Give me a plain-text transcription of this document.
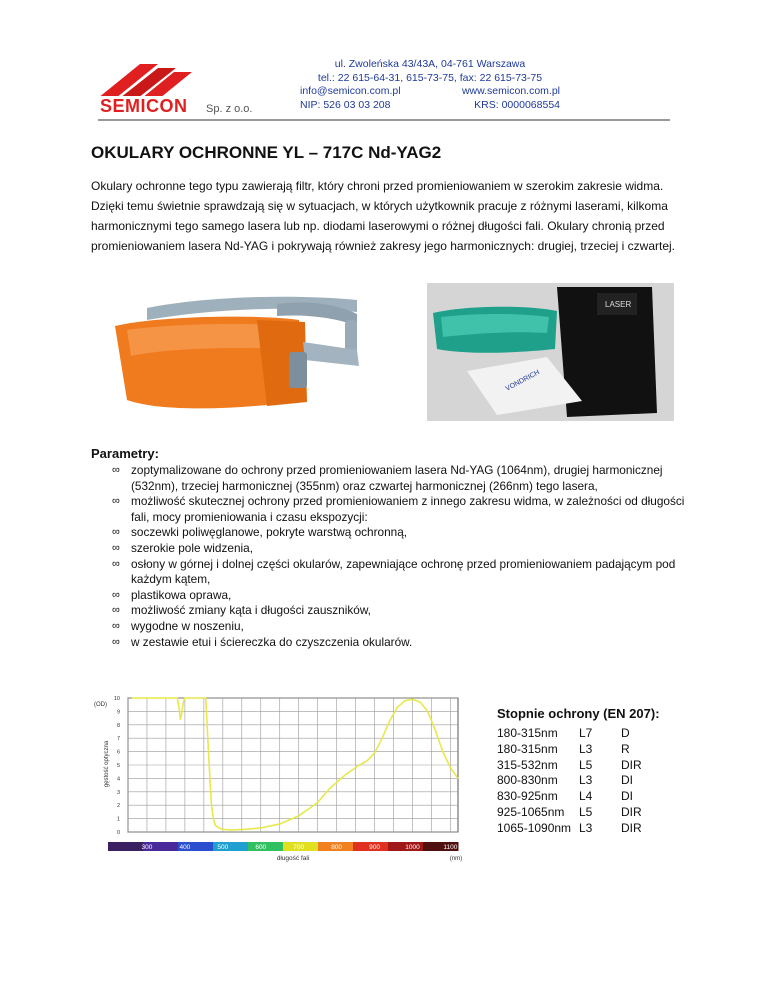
SEMICON Sp. z o.o.
ul. Zwoleńska 43/43A, 04-761 Warszawa
tel.: 22 615-64-31, 615-73-75, fax: 22 615-73-75
info@semicon.com.pl	www.semicon.com.pl
NIP: 526 03 03 208	KRS: 0000068554
OKULARY OCHRONNE YL – 717C Nd-YAG2
Okulary ochronne tego typu zawierają filtr, który chroni przed promieniowaniem w szerokim zakresie widma. Dzięki temu świetnie sprawdzają się w sytuacjach, w których użytkownik pracuje z różnymi laserami, kilkoma harmonicznymi tego samego lasera lub np. diodami laserowymi o różnej długości fali. Okulary chronią przed promieniowaniem lasera Nd-YAG i pokrywają również zakresy jego harmonicznych: drugiej, trzeciej i czwartej.
LASER
VONDRICH
Parametry:
∞ zoptymalizowane do ochrony przed promieniowaniem lasera Nd-YAG (1064nm), drugiej harmonicznej (532nm), trzeciej harmonicznej (355nm) oraz czwartej harmonicznej (266nm) tego lasera,
∞ możliwość skutecznej ochrony przed promieniowaniem z innego zakresu widma, w zależności od długości fali, mocy promieniowania i czasu ekspozycji:
∞ soczewki poliwęglanowe, pokryte warstwą ochronną,
∞ szerokie pole widzenia,
∞ osłony w górnej i dolnej części okularów, zapewniające ochronę przed promieniowaniem padającym pod każdym kątem,
∞ plastikowa oprawa,
∞ możliwość zmiany kąta i długości zauszników,
∞ wygodne w noszeniu,
∞ w zestawie etui i ściereczka do czyszczenia okularów.
0
1
2
3
4
5
6
7
8
9
10
300	400	500	600	700	800	900	1000	1100
(OD)
gęstość optyczna
długość fali	(nm)
Stopnie ochrony (EN 207):
180-315nm	L7	D
180-315nm	L3	R
315-532nm	L5	DIR
800-830nm	L3	DI
830-925nm	L4	DI
925-1065nm	L5	DIR
1065-1090nm	L3	DIR
